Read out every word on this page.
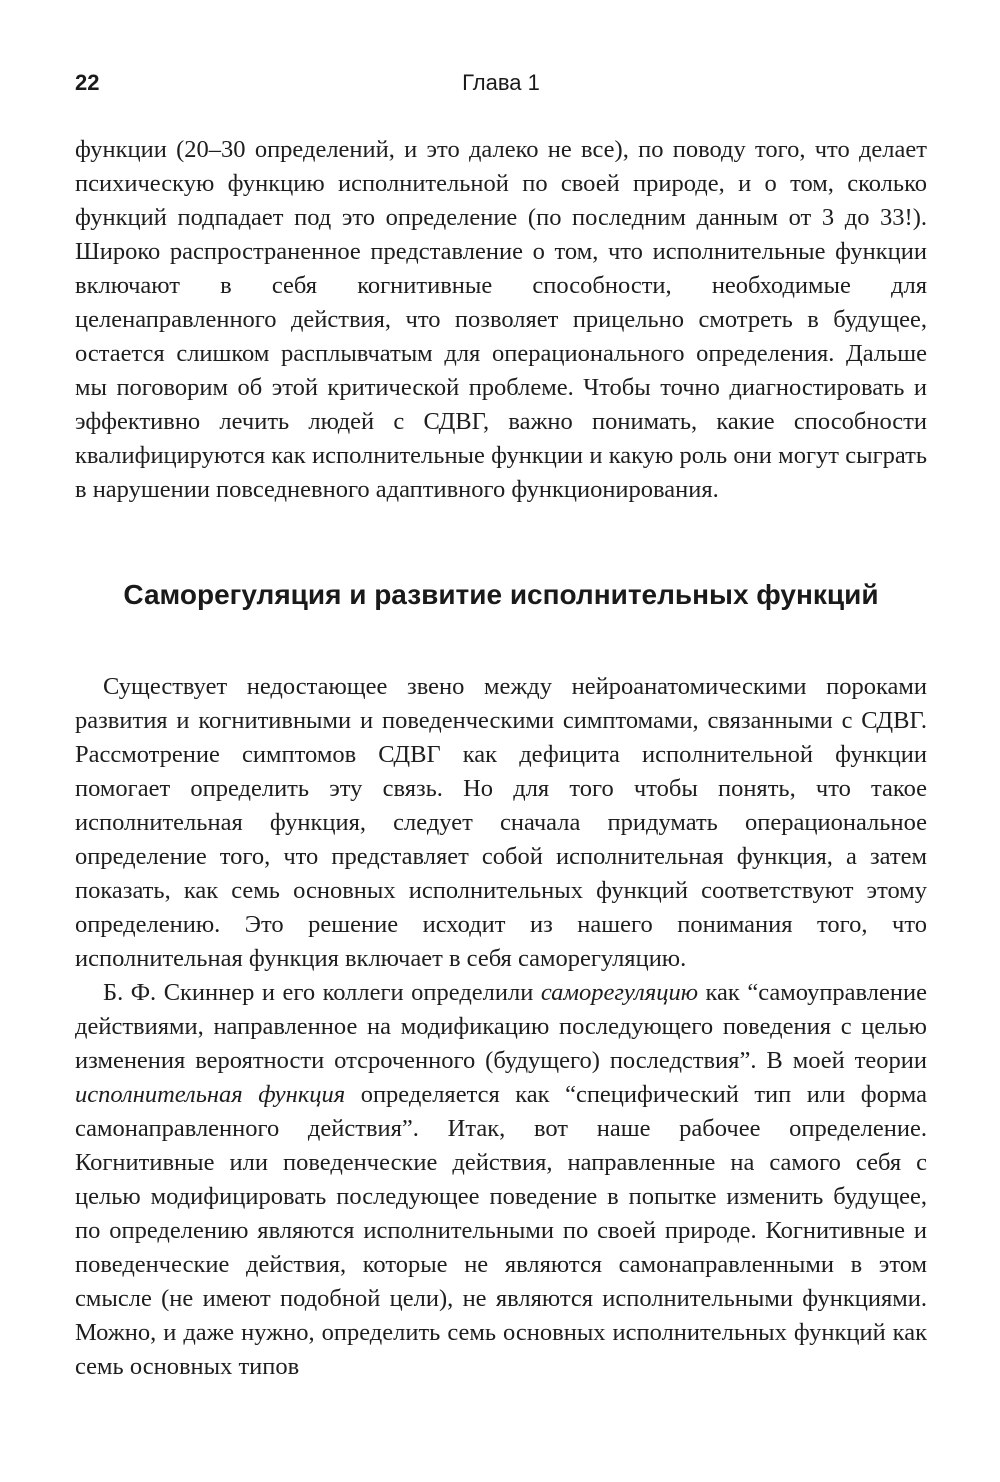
22	Глава 1

функции (20–30 определений, и это далеко не все), по поводу того, что делает психическую функцию исполнительной по своей природе, и о том, сколько функций подпадает под это определение (по последним данным от 3 до 33!). Широко распространенное представление о том, что исполнительные функции включают в себя когнитивные способности, необходимые для целенаправленного действия, что позволяет прицельно смотреть в будущее, остается слишком расплывчатым для операционального определения. Дальше мы поговорим об этой критической проблеме. Чтобы точно диагностировать и эффективно лечить людей с СДВГ, важно понимать, какие способности квалифицируются как исполнительные функции и какую роль они могут сыграть в нарушении повседневного адаптивного функционирования.

Саморегуляция и развитие исполнительных функций

Существует недостающее звено между нейроанатомическими пороками развития и когнитивными и поведенческими симптомами, связанными с СДВГ. Рассмотрение симптомов СДВГ как дефицита исполнительной функции помогает определить эту связь. Но для того чтобы понять, что такое исполнительная функция, следует сначала придумать операциональное определение того, что представляет собой исполнительная функция, а затем показать, как семь основных исполнительных функций соответствуют этому определению. Это решение исходит из нашего понимания того, что исполнительная функция включает в себя саморегуляцию.

Б. Ф. Скиннер и его коллеги определили саморегуляцию как “самоуправление действиями, направленное на модификацию последующего поведения с целью изменения вероятности отсроченного (будущего) последствия”. В моей теории исполнительная функция определяется как “специфический тип или форма самонаправленного действия”. Итак, вот наше рабочее определение. Когнитивные или поведенческие действия, направленные на самого себя с целью модифицировать последующее поведение в попытке изменить будущее, по определению являются исполнительными по своей природе. Когнитивные и поведенческие действия, которые не являются самонаправленными в этом смысле (не имеют подобной цели), не являются исполнительными функциями. Можно, и даже нужно, определить семь основных исполнительных функций как семь основных типов
